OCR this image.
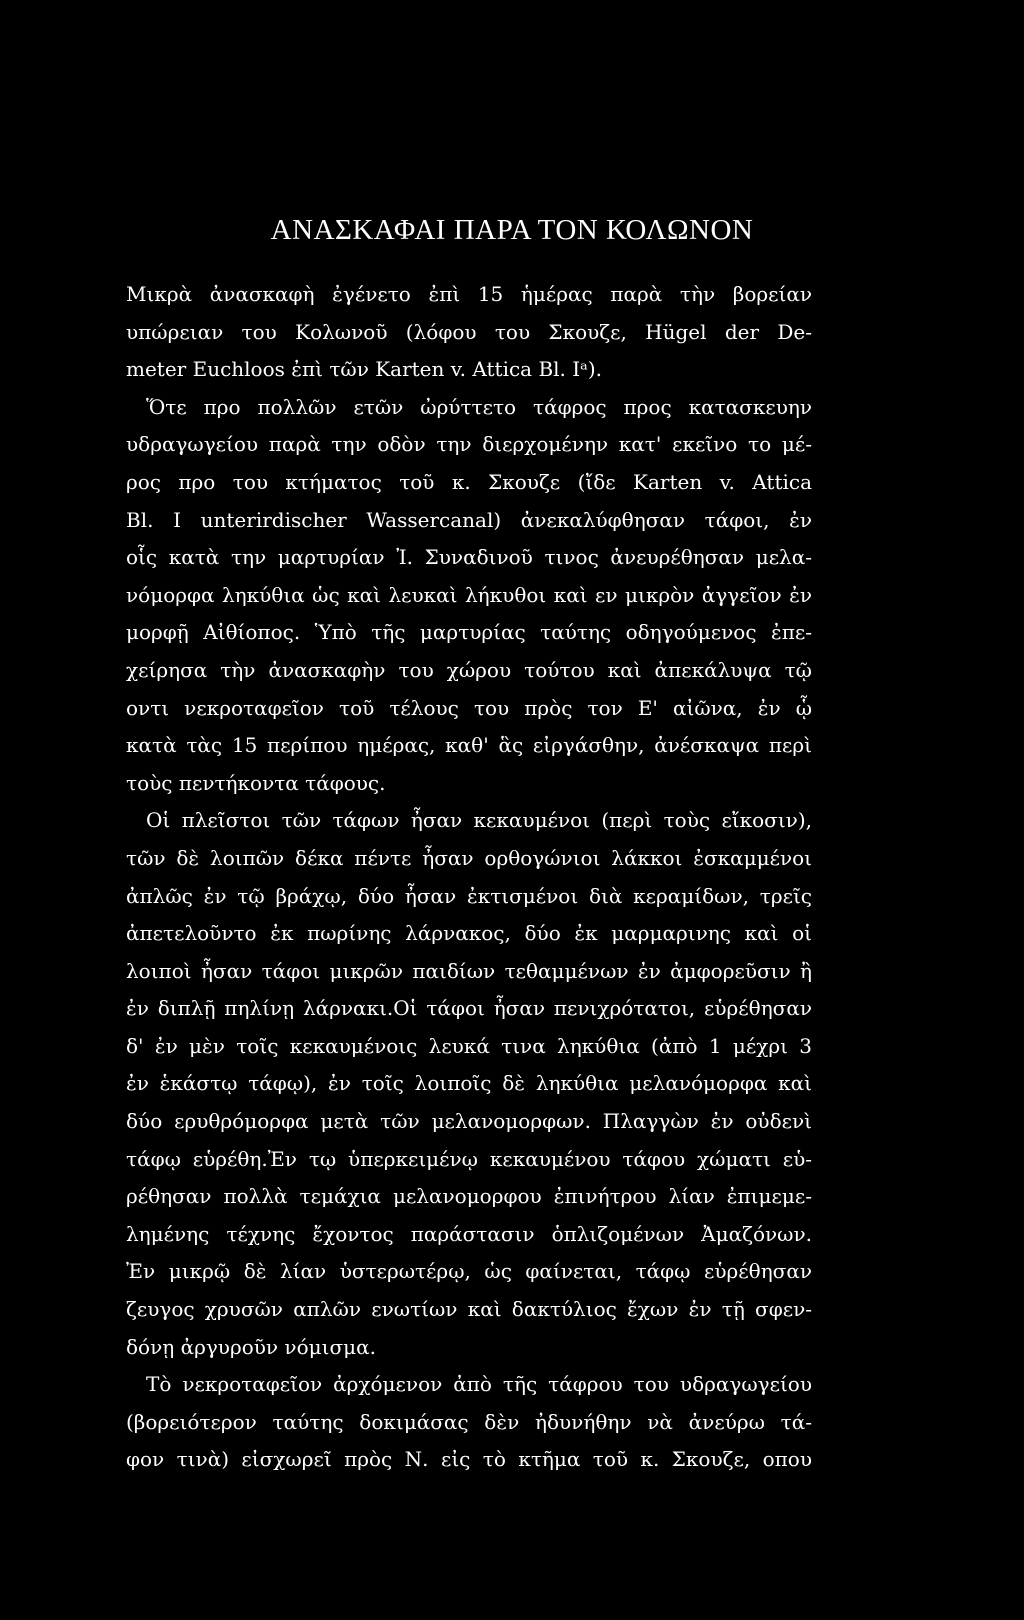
ΑΝΑΣΚΑΦΑΙ ΠΑΡΑ ΤΟΝ ΚΟΛΩΝΟΝ
Μικρὰ ἀνασκαφὴ ἐγένετο ἐπὶ 15 ἡμέρας παρὰ τὴν βορείαν
υπώρειαν του Κολωνοῦ (λόφου του Σκουζε, Hügel der De-
meter Euchloos ἐπὶ τῶν Karten v. Attica Bl. Iᵃ).
Ὅτε προ πολλῶν ετῶν ὠρύττετο τάφρος προς κατασκευην
υδραγωγείου παρὰ την οδὸν την διερχομένην κατ' εκεῖνο το μέ-
ρος προ του κτήματος τοῦ κ. Σκουζε (ἴδε Karten v. Attica
Bl. I unterirdischer Wassercanal) ἀνεκαλύφθησαν τάφοι, ἐν
οἷς κατὰ την μαρτυρίαν Ἰ. Συναδινοῦ τινος ἀνευρέθησαν μελα-
νόμορφα ληκύθια ὡς καὶ λευκαὶ λήκυθοι καὶ εν μικρὸν ἀγγεῖον ἐν
μορφῇ Αἰθίοπος. Ὑπὸ τῆς μαρτυρίας ταύτης οδηγούμενος ἐπε-
χείρησα τὴν ἀνασκαφὴν του χώρου τούτου καὶ ἀπεκάλυψα τῷ
οντι νεκροταφεῖον τοῦ τέλους του πρὸς τον Ε' αἰῶνα, ἐν ᾧ
κατὰ τὰς 15 περίπου ημέρας, καθ' ἃς εἰργάσθην, ἀνέσκαψα περὶ
τοὺς πεντήκοντα τάφους.
Οἱ πλεῖστοι τῶν τάφων ἦσαν κεκαυμένοι (περὶ τοὺς εἴκοσιν),
τῶν δὲ λοιπῶν δέκα πέντε ἦσαν ορθογώνιοι λάκκοι ἐσκαμμένοι
ἀπλῶς ἐν τῷ βράχῳ, δύο ἦσαν ἐκτισμένοι διὰ κεραμίδων, τρεῖς
ἀπετελοῦντο ἐκ πωρίνης λάρνακος, δύο ἐκ μαρμαρινης καὶ οἱ
λοιποὶ ἦσαν τάφοι μικρῶν παιδίων τεθαμμένων ἐν ἀμφορεῦσιν ἢ
ἐν διπλῇ πηλίνῃ λάρνακι.Οἱ τάφοι ἦσαν πενιχρότατοι, εὑρέθησαν
δ' ἐν μὲν τοῖς κεκαυμένοις λευκά τινα ληκύθια (ἀπὸ 1 μέχρι 3
ἐν ἑκάστῳ τάφῳ), ἐν τοῖς λοιποῖς δὲ ληκύθια μελανόμορφα καὶ
δύο ερυθρόμορφα μετὰ τῶν μελανομορφων. Πλαγγὼν ἐν οὐδενὶ
τάφῳ εὑρέθη.Ἐν τῳ ὑπερκειμένῳ κεκαυμένου τάφου χώματι εὑ-
ρέθησαν πολλὰ τεμάχια μελανομορφου ἐπινήτρου λίαν ἐπιμεμε-
λημένης τέχνης ἔχοντος παράστασιν ὁπλιζομένων Ἀμαζόνων.
Ἐν μικρῷ δὲ λίαν ὑστερωτέρῳ, ὡς φαίνεται, τάφῳ εὑρέθησαν
ζευγος χρυσῶν απλῶν ενωτίων καὶ δακτύλιος ἔχων ἐν τῇ σφεν-
δόνῃ ἀργυροῦν νόμισμα.
Τὸ νεκροταφεῖον ἀρχόμενον ἀπὸ τῆς τάφρου του υδραγωγείου
(βορειότερον ταύτης δοκιμάσας δὲν ἠδυνήθην νὰ ἀνεύρω τά-
φον τινὰ) εἰσχωρεῖ πρὸς Ν. εἰς τὸ κτῆμα τοῦ κ. Σκουζε, οπου
